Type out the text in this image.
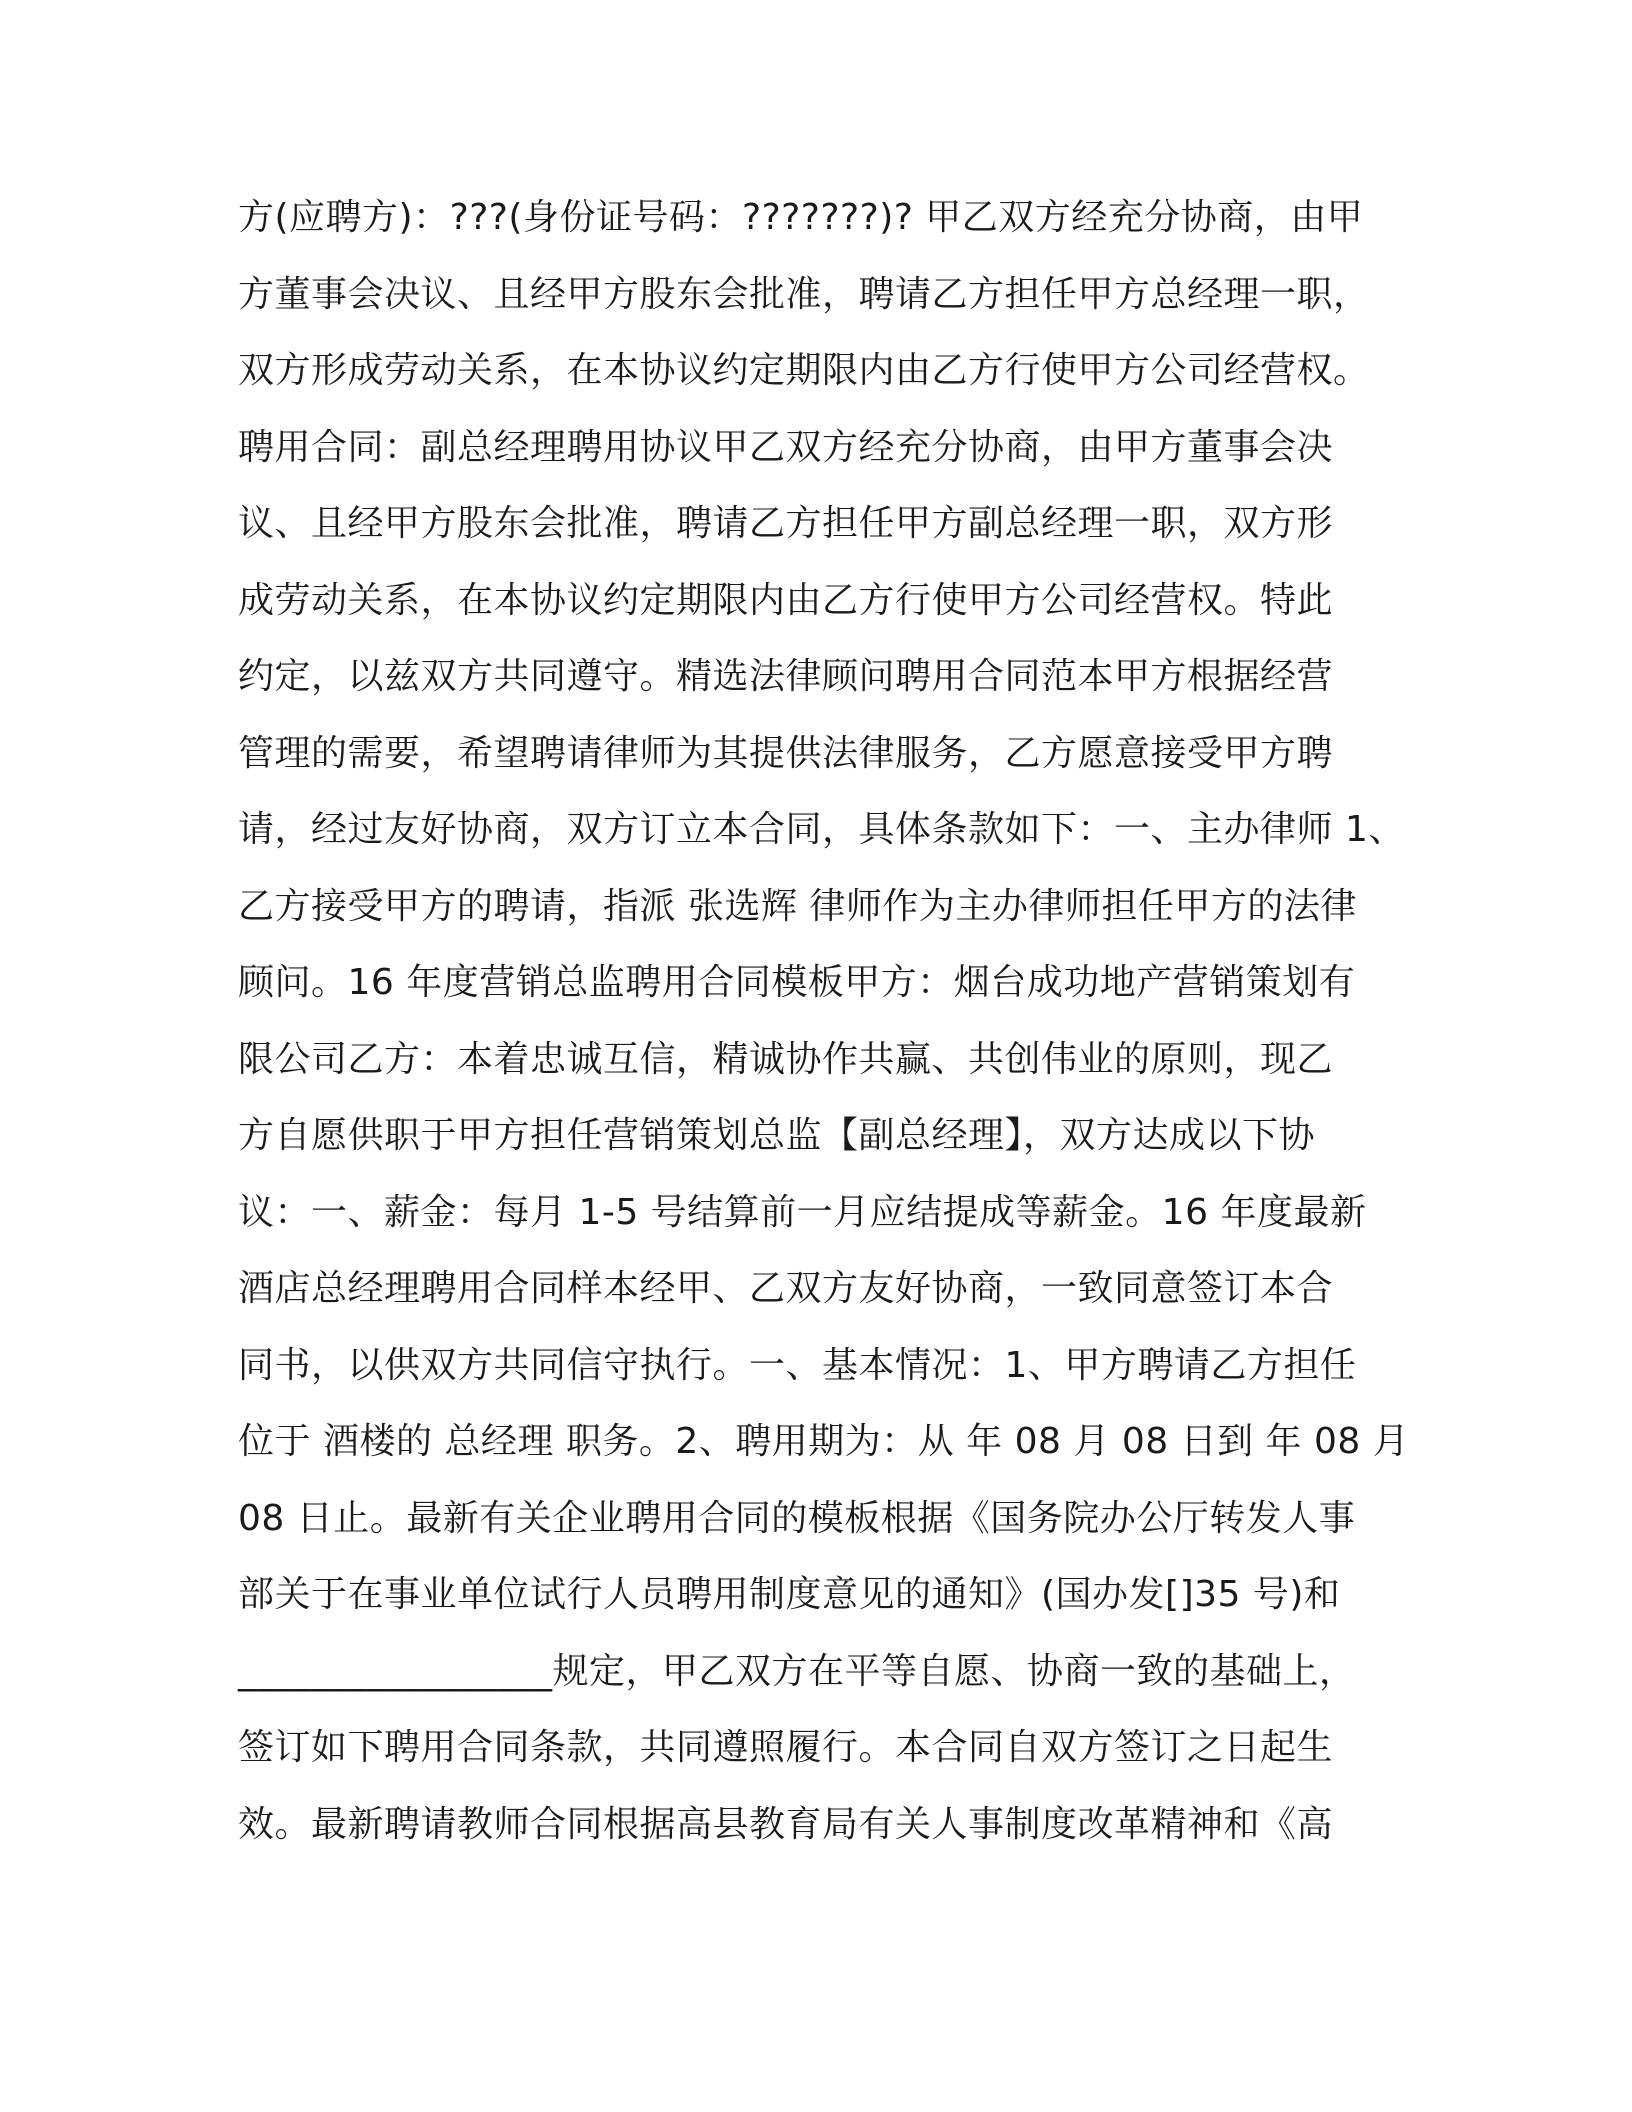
方(应聘方)：???(身份证号码：???????)? 甲乙双方经充分协商，由甲
方董事会决议、且经甲方股东会批准，聘请乙方担任甲方总经理一职，
双方形成劳动关系，在本协议约定期限内由乙方行使甲方公司经营权。
聘用合同：副总经理聘用协议甲乙双方经充分协商，由甲方董事会决
议、且经甲方股东会批准，聘请乙方担任甲方副总经理一职，双方形
成劳动关系，在本协议约定期限内由乙方行使甲方公司经营权。特此
约定，以兹双方共同遵守。精选法律顾问聘用合同范本甲方根据经营
管理的需要，希望聘请律师为其提供法律服务，乙方愿意接受甲方聘
请，经过友好协商，双方订立本合同，具体条款如下：一、主办律师 1、
乙方接受甲方的聘请，指派 张选辉 律师作为主办律师担任甲方的法律
顾问。16 年度营销总监聘用合同模板甲方：烟台成功地产营销策划有
限公司乙方：本着忠诚互信，精诚协作共赢、共创伟业的原则，现乙
方自愿供职于甲方担任营销策划总监【副总经理】，双方达成以下协
议：一、薪金：每月 1-5 号结算前一月应结提成等薪金。16 年度最新
酒店总经理聘用合同样本经甲、乙双方友好协商，一致同意签订本合
同书，以供双方共同信守执行。一、基本情况：1、甲方聘请乙方担任
位于 酒楼的 总经理 职务。2、聘用期为：从 年 08 月 08 日到 年 08 月
08 日止。最新有关企业聘用合同的模板根据《国务院办公厅转发人事
部关于在事业单位试行人员聘用制度意见的通知》(国办发[]35 号)和
_________________规定，甲乙双方在平等自愿、协商一致的基础上，
签订如下聘用合同条款，共同遵照履行。本合同自双方签订之日起生
效。最新聘请教师合同根据高县教育局有关人事制度改革精神和《高
